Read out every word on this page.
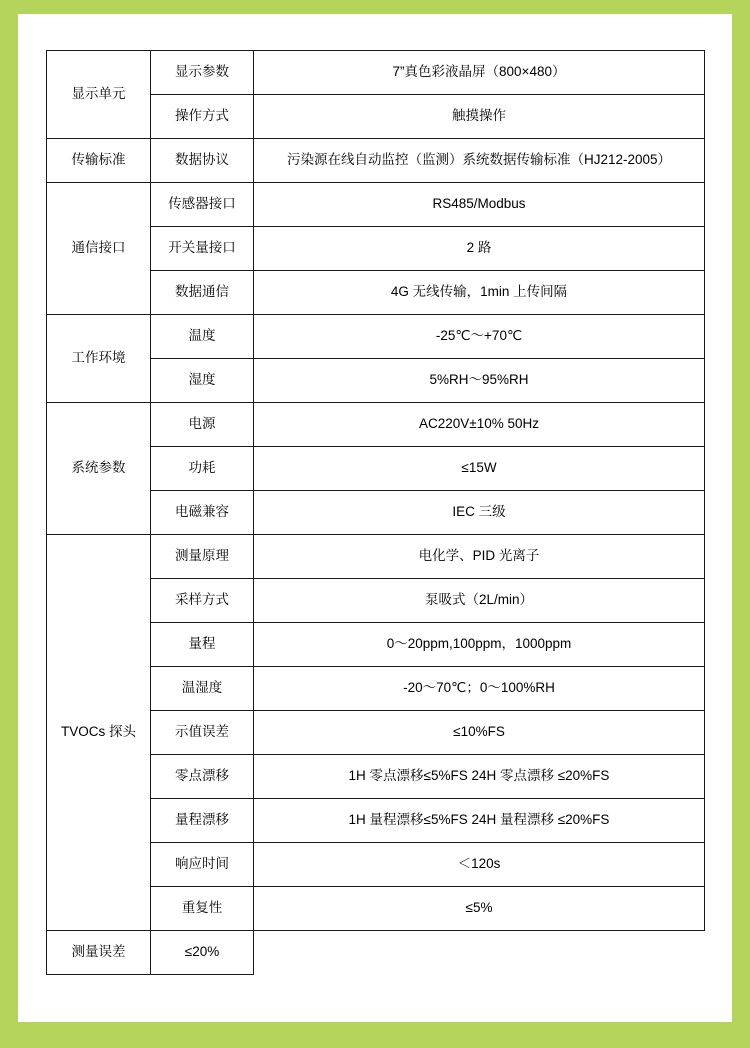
显示单元	显示参数	7”真色彩液晶屏（800×480）
	操作方式	触摸操作
传输标准	数据协议	污染源在线自动监控（监测）系统数据传输标准（HJ212-2005）
通信接口	传感器接口	RS485/Modbus
	开关量接口	2 路
	数据通信	4G 无线传输，1min 上传间隔
工作环境	温度	-25℃～+70℃
	湿度	5%RH～95%RH
系统参数	电源	AC220V±10% 50Hz
	功耗	≤15W
	电磁兼容	IEC 三级
TVOCs 探头	测量原理	电化学、PID 光离子
	采样方式	泵吸式（2L/min）
	量程	0～20ppm,100ppm，1000ppm
	温湿度	-20～70℃；0～100%RH
	示值误差	≤10%FS
	零点漂移	1H 零点漂移≤5%FS 24H 零点漂移 ≤20%FS
	量程漂移	1H 量程漂移≤5%FS 24H 量程漂移 ≤20%FS
	响应时间	＜120s
	重复性	≤5%
测量误差	≤20%	
